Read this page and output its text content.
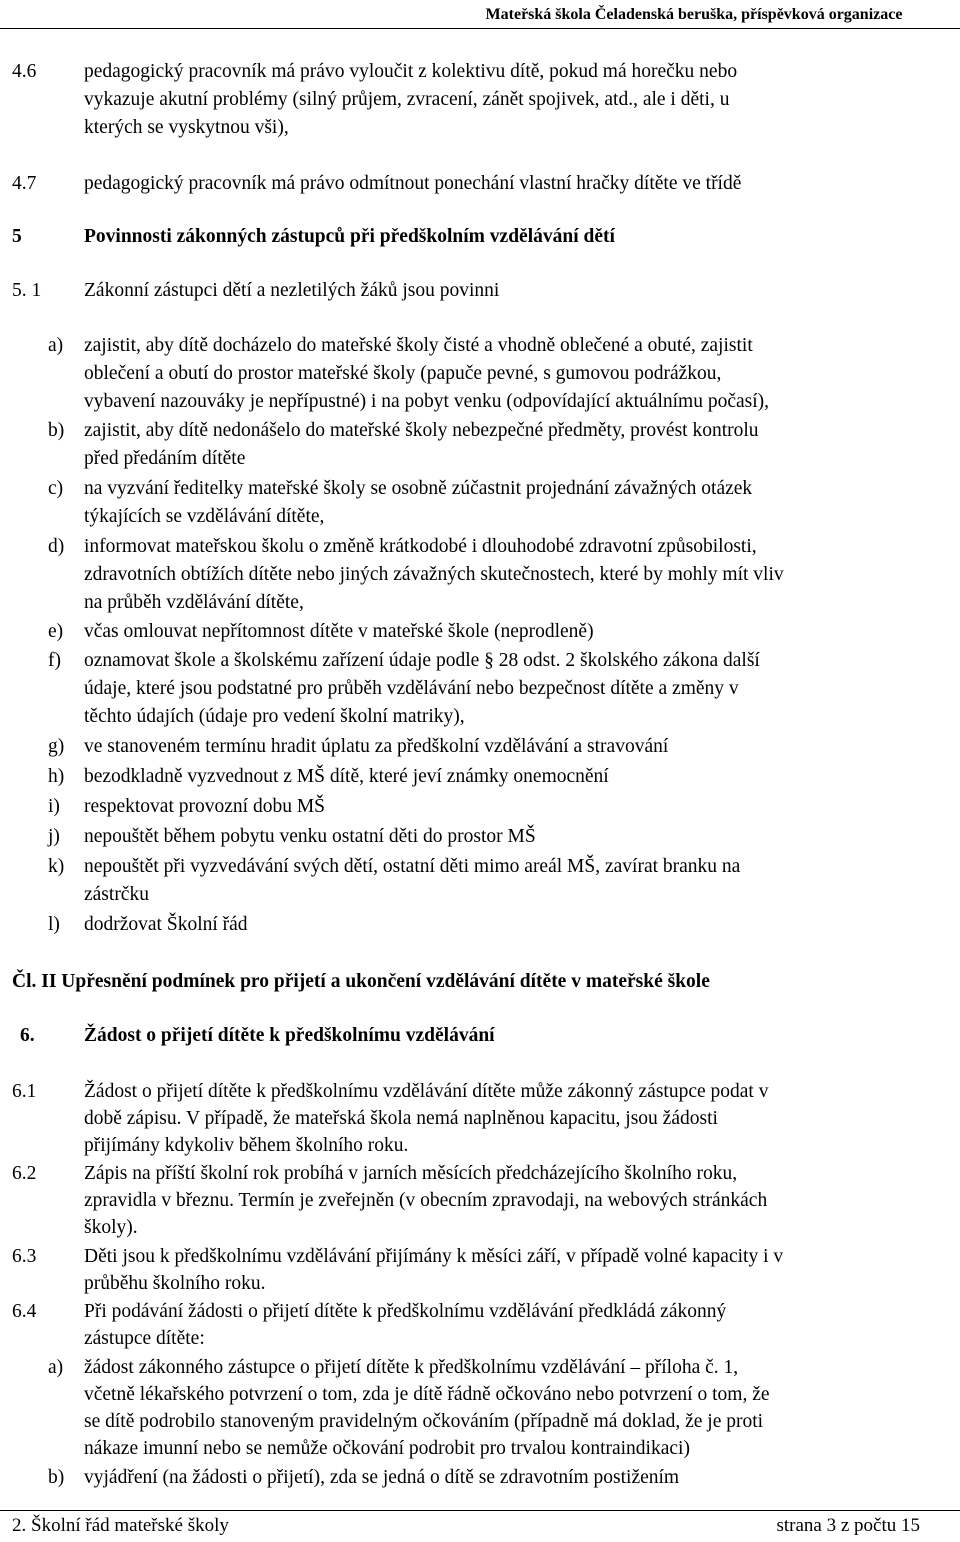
Mateřská škola Čeladenská beruška, příspěvková organizace
4.6 pedagogický pracovník má právo vyloučit z kolektivu dítě, pokud má horečku nebo
vykazuje akutní problémy (silný průjem, zvracení, zánět spojivek, atd., ale i děti, u
kterých se vyskytnou vši),
4.7 pedagogický pracovník má právo odmítnout ponechání vlastní hračky dítěte ve třídě
5	Povinnosti zákonných zástupců při předškolním vzdělávání dětí
5. 1 Zákonní zástupci dětí a nezletilých žáků jsou povinni
a) zajistit, aby dítě docházelo do mateřské školy čisté a vhodně oblečené a obuté, zajistit
oblečení a obutí do prostor mateřské školy (papuče pevné, s gumovou podrážkou,
vybavení nazouváky je nepřípustné) i na pobyt venku (odpovídající aktuálnímu počasí),
b) zajistit, aby dítě nedonášelo do mateřské školy nebezpečné předměty, provést kontrolu
před předáním dítěte
c) na vyzvání ředitelky mateřské školy se osobně zúčastnit projednání závažných otázek
týkajících se vzdělávání dítěte,
d) informovat mateřskou školu o změně krátkodobé i dlouhodobé zdravotní způsobilosti,
zdravotních obtížích dítěte nebo jiných závažných skutečnostech, které by mohly mít vliv
na průběh vzdělávání dítěte,
e) včas omlouvat nepřítomnost dítěte v mateřské škole (neprodleně)
f) oznamovat škole a školskému zařízení údaje podle § 28 odst. 2 školského zákona další
údaje, které jsou podstatné pro průběh vzdělávání nebo bezpečnost dítěte a změny v
těchto údajích (údaje pro vedení školní matriky),
g) ve stanoveném termínu hradit úplatu za předškolní vzdělávání a stravování
h) bezodkladně vyzvednout z MŠ dítě, které jeví známky onemocnění
i) respektovat provozní dobu MŠ
j) nepouštět během pobytu venku ostatní děti do prostor MŠ
k) nepouštět při vyzvedávání svých dětí, ostatní děti mimo areál MŠ, zavírat branku na
zástrčku
l) dodržovat Školní řád
Čl. II Upřesnění podmínek pro přijetí a ukončení vzdělávání dítěte v mateřské škole
6.	Žádost o přijetí dítěte k předškolnímu vzdělávání
6.1 Žádost o přijetí dítěte k předškolnímu vzdělávání dítěte může zákonný zástupce podat v
době zápisu. V případě, že mateřská škola nemá naplněnou kapacitu, jsou žádosti
přijímány kdykoliv během školního roku.
6.2 Zápis na příští školní rok probíhá v jarních měsících předcházejícího školního roku,
zpravidla v březnu. Termín je zveřejněn (v obecním zpravodaji, na webových stránkách
školy).
6.3 Děti jsou k předškolnímu vzdělávání přijímány k měsíci září, v případě volné kapacity i v
průběhu školního roku.
6.4 Při podávání žádosti o přijetí dítěte k předškolnímu vzdělávání předkládá zákonný
zástupce dítěte:
a) žádost zákonného zástupce o přijetí dítěte k předškolnímu vzdělávání – příloha č. 1,
včetně lékařského potvrzení o tom, zda je dítě řádně očkováno nebo potvrzení o tom, že
se dítě podrobilo stanoveným pravidelným očkováním (případně má doklad, že je proti
nákaze imunní nebo se nemůže očkování podrobit pro trvalou kontraindikaci)
b) vyjádření (na žádosti o přijetí), zda se jedná o dítě se zdravotním postižením
2. Školní řád mateřské školy	strana 3 z počtu 15
